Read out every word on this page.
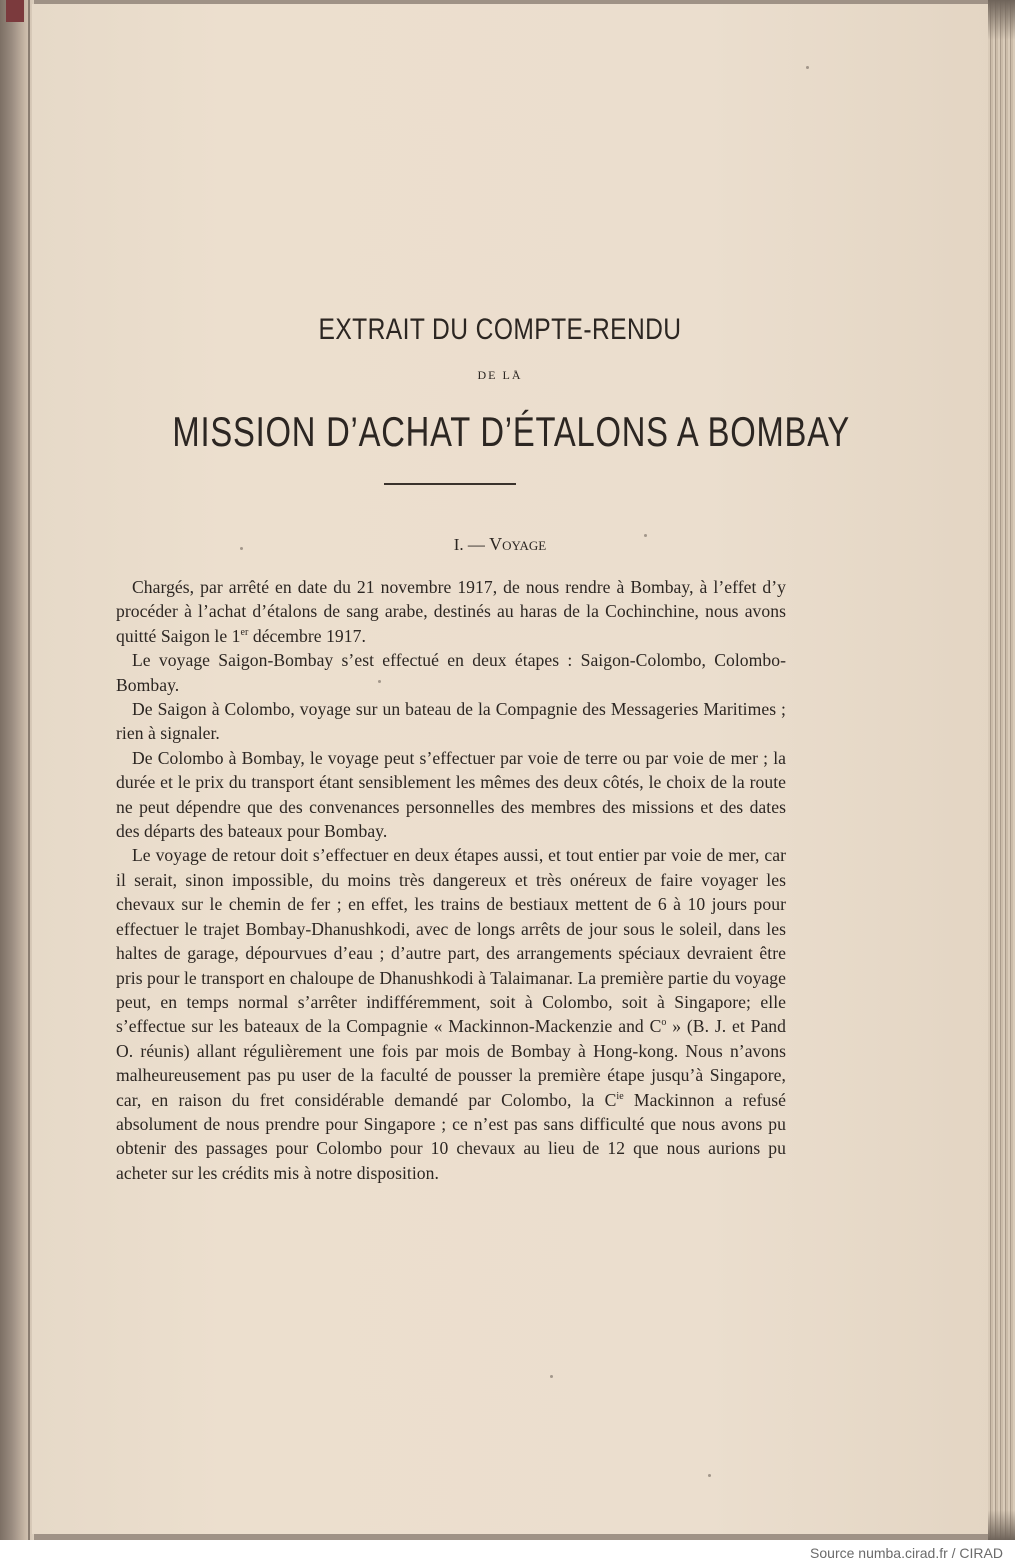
EXTRAIT DU COMPTE-RENDU
DE LA
MISSION D’ACHAT D’ÉTALONS A BOMBAY
I. — Voyage

Chargés, par arrêté en date du 21 novembre 1917, de nous rendre à Bombay, à l’effet d’y procéder à l’achat d’étalons de sang arabe, destinés au haras de la Cochinchine, nous avons quitté Saigon le 1er décembre 1917.

Le voyage Saigon-Bombay s’est effectué en deux étapes : Saigon-Colombo, Colombo-Bombay.

De Saigon à Colombo, voyage sur un bateau de la Compagnie des Messageries Maritimes ; rien à signaler.

De Colombo à Bombay, le voyage peut s’effectuer par voie de terre ou par voie de mer ; la durée et le prix du transport étant sensiblement les mêmes des deux côtés, le choix de la route ne peut dépendre que des convenances personnelles des membres des missions et des dates des départs des bateaux pour Bombay.

Le voyage de retour doit s’effectuer en deux étapes aussi, et tout entier par voie de mer, car il serait, sinon impossible, du moins très dangereux et très onéreux de faire voyager les chevaux sur le chemin de fer ; en effet, les trains de bestiaux mettent de 6 à 10 jours pour effectuer le trajet Bombay-Dhanushkodi, avec de longs arrêts de jour sous le soleil, dans les haltes de garage, dépourvues d’eau ; d’autre part, des arrangements spéciaux devraient être pris pour le transport en chaloupe de Dhanushkodi à Talaimanar. La première partie du voyage peut, en temps normal s’arrêter indifféremment, soit à Colombo, soit à Singapore; elle s’effectue sur les bateaux de la Compagnie « Mackinnon-Mackenzie and $C^o$ » (B. J. et Pand O. réunis) allant régulièrement une fois par mois de Bombay à Hong-kong. Nous n’avons malheureusement pas pu user de la faculté de pousser la première étape jusqu’à Singapore, car, en raison du fret considérable demandé par Colombo, la $C^{ie}$ Mackinnon a refusé absolument de nous prendre pour Singapore ; ce n’est pas sans difficulté que nous avons pu obtenir des passages pour Colombo pour 10 chevaux au lieu de 12 que nous aurions pu acheter sur les crédits mis à notre disposition.

Source numba.cirad.fr / CIRAD
